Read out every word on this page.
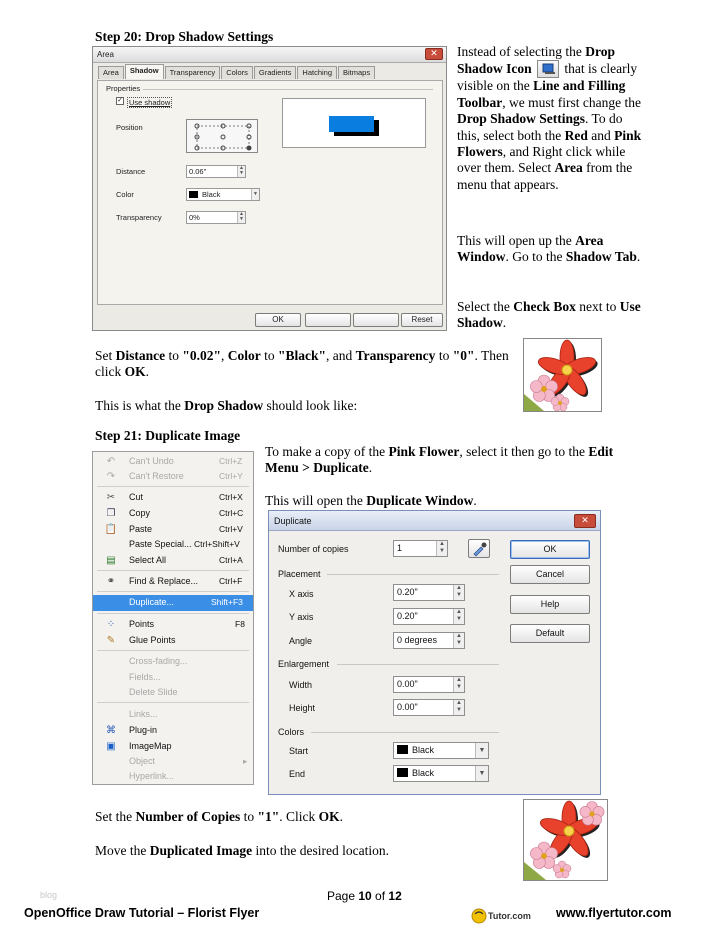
Step 20: Drop Shadow Settings
Area	✕
Area	Shadow	Transparency	Colors	Gradients	Hatching	Bitmaps
Properties
✓ Use shadow
Position
Distance	0.06"	▲
▼
Color	Black	▼
Transparency	0%	▲
▼
OK	Reset
Instead of selecting the Drop Shadow Icon  that is clearly visible on the Line and Filling Toolbar, we must first change the Drop Shadow Settings. To do this, select both the Red and Pink Flowers, and Right click while over them. Select Area from the menu that appears.
This will open up the Area Window. Go to the Shadow Tab.
Select the Check Box next to Use Shadow.
Set Distance to "0.02", Color to "Black", and Transparency to "0". Then click OK.
This is what the Drop Shadow should look like:
Step 21: Duplicate Image
↶	Can't Undo	Ctrl+Z
↷	Can't Restore	Ctrl+Y
✂	Cut	Ctrl+X
❐ Copy	Ctrl+C
📋 Paste	Ctrl+V
Paste Special... Ctrl+Shift+V
▤ Select All	Ctrl+A
⚭	Find & Replace... Ctrl+F
Duplicate...	Shift+F3
⁘	Points	F8
✎	Glue Points
Cross-fading...
Fields...
Delete Slide
Links...
⌘ Plug-in
▣ ImageMap
Object	▸
Hyperlink...
To make a copy of the Pink Flower, select it then go to the Edit Menu > Duplicate.
This will open the Duplicate Window.
Duplicate	✕
Number of copies	1	▲
▼
Placement
X axis	0.20"	▲
▼
Y axis	0.20"	▲
▼
Angle	0 degrees	▲
▼
Enlargement
Width	0.00"	▲
▼
Height	0.00"	▲
▼
Colors
Start	Black	▼
End	Black	▼
OK
Cancel
Help
Default
Set the Number of Copies to "1". Click OK.
Move the Duplicated Image into the desired location.
blog	Page 10 of 12
OpenOffice Draw Tutorial – Florist Flyer	Tutor.com www.flyertutor.com
